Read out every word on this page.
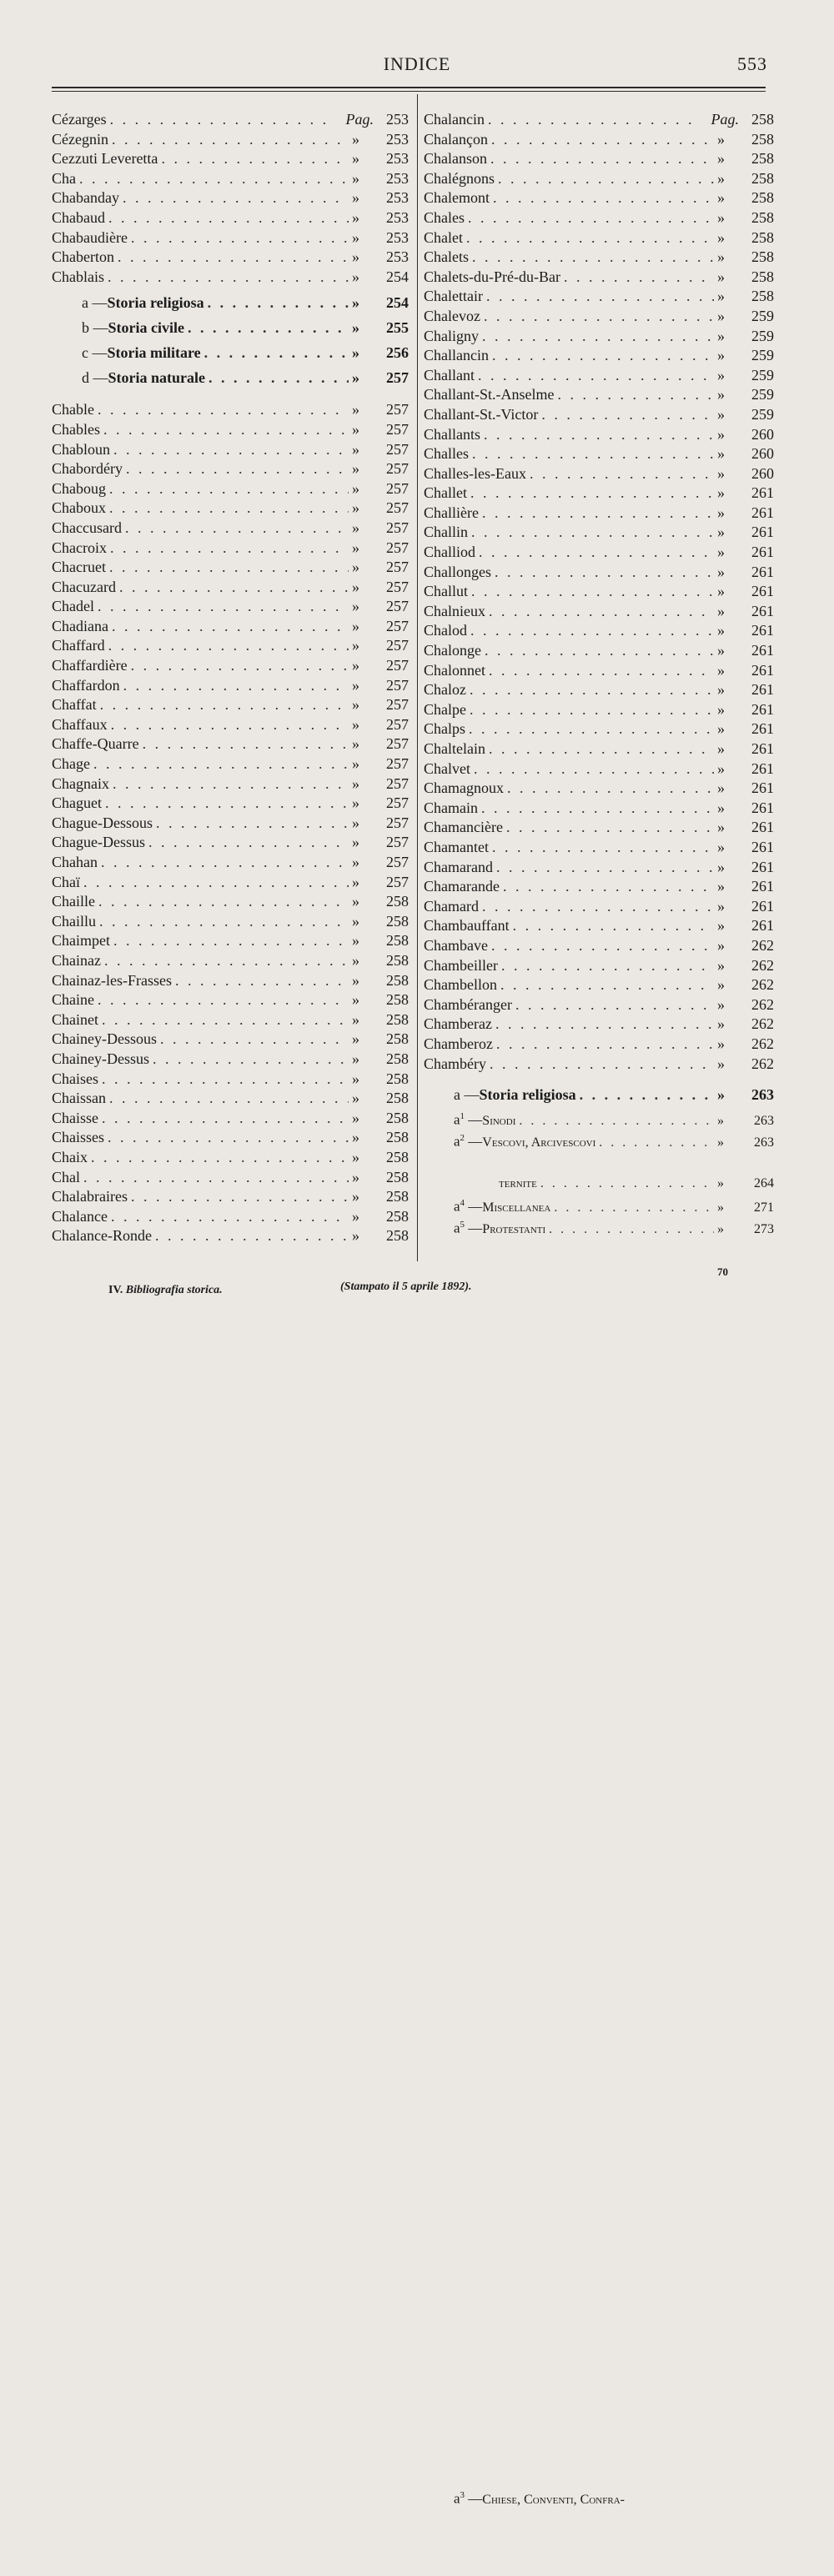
INDICE	553
Cézarges . . .	Pag. 253
Cézegnin . . .	»	253
Cezzuti Leveretta . . .	»	253
Cha . . .	»	253
Chabanday . . .	»	253
Chabaud . . .	»	253
Chabaudière . . .	»	253
Chaberton . . .	»	253
Chablais . . .	»	254
a — Storia religiosa . . .	»	254
b — Storia civile . . .	»	255
c — Storia militare . . .	»	256
d — Storia naturale . . .	»	257
Chable . . .	»	257
Chables . . .	»	257
Chabloun . . .	»	257
Chabordéry . . .	»	257
Chaboug . . .	»	257
Chaboux . . .	»	257
Chaccusard . . .	»	257
Chacroix . . .	»	257
Chacruet . . .	»	257
Chacuzard . . .	»	257
Chadel . . .	»	257
Chadiana . . .	»	257
Chaffard . . .	»	257
Chaffardière . . .	»	257
Chaffardon . . .	»	257
Chaffat . . .	»	257
Chaffaux . . .	»	257
Chaffe-Quarre . . .	»	257
Chage . . .	»	257
Chagnaix . . .	»	257
Chaguet . . .	»	257
Chague-Dessous . . .	»	257
Chague-Dessus . . .	»	257
Chahan . . .	»	257
Chaï . . .	»	257
Chaille . . .	»	258
Chaillu . . .	»	258
Chaimpet . . .	»	258
Chainaz . . .	»	258
Chainaz-les-Frasses . . .	»	258
Chaine . . .	»	258
Chainet . . .	»	258
Chainey-Dessous . . .	»	258
Chainey-Dessus . . .	»	258
Chaises . . .	»	258
Chaissan . . .	»	258
Chaisse . . .	»	258
Chaisses . . .	»	258
Chaix . . .	»	258
Chal . . .	»	258
Chalabraires . . .	»	258
Chalance . . .	»	258
Chalance-Ronde . . .	»	258
Chalancin . . .	Pag. 258
Chalançon . . .	»	258
Chalanson . . .	»	258
Chalégnons . . .	»	258
Chalemont . . .	»	258
Chales . . .	»	258
Chalet . . .	»	258
Chalets . . .	»	258
Chalets-du-Pré-du-Bar . . .	»	258
Chalettair . . .	»	258
Chalevoz . . .	»	259
Chaligny . . .	»	259
Challancin . . .	»	259
Challant . . .	»	259
Challant-St.-Anselme . . .	»	259
Challant-St.-Victor . . .	»	259
Challants . . .	»	260
Challes . . .	»	260
Challes-les-Eaux . . .	»	260
Challet . . .	»	261
Challière . . .	»	261
Challin . . .	»	261
Challiod . . .	»	261
Challonges . . .	»	261
Challut . . .	»	261
Chalnieux . . .	»	261
Chalod . . .	»	261
Chalonge . . .	»	261
Chalonnet . . .	»	261
Chaloz . . .	»	261
Chalpe . . .	»	261
Chalps . . .	»	261
Chaltelain . . .	»	261
Chalvet . . .	»	261
Chamagnoux . . .	»	261
Chamain . . .	»	261
Chamancière . . .	»	261
Chamantet . . .	»	261
Chamarand . . .	»	261
Chamarande . . .	»	261
Chamard . . .	»	261
Chambauffant . . .	»	261
Chambave . . .	»	262
Chambeiller . . .	»	262
Chambellon . . .	»	262
Chambéranger . . .	»	262
Chamberaz . . .	»	262
Chamberoz . . .	»	262
Chambéry . . .	»	262
a — Storia religiosa . . .	»	263
$a^1$ — Sinodi . . .	»	263
$a^2$ — Vescovi, Arcivescovi . . .	»	263
$a^3$ — Chiese, Conventi, Confra-
ternite . . .	»	264
$a^4$ — Miscellanea . . .	»	271
$a^5$ — Protestanti . . .	»	273
IV. Bibliografia storica.	(Stampato il 5 aprile 1892).
70
